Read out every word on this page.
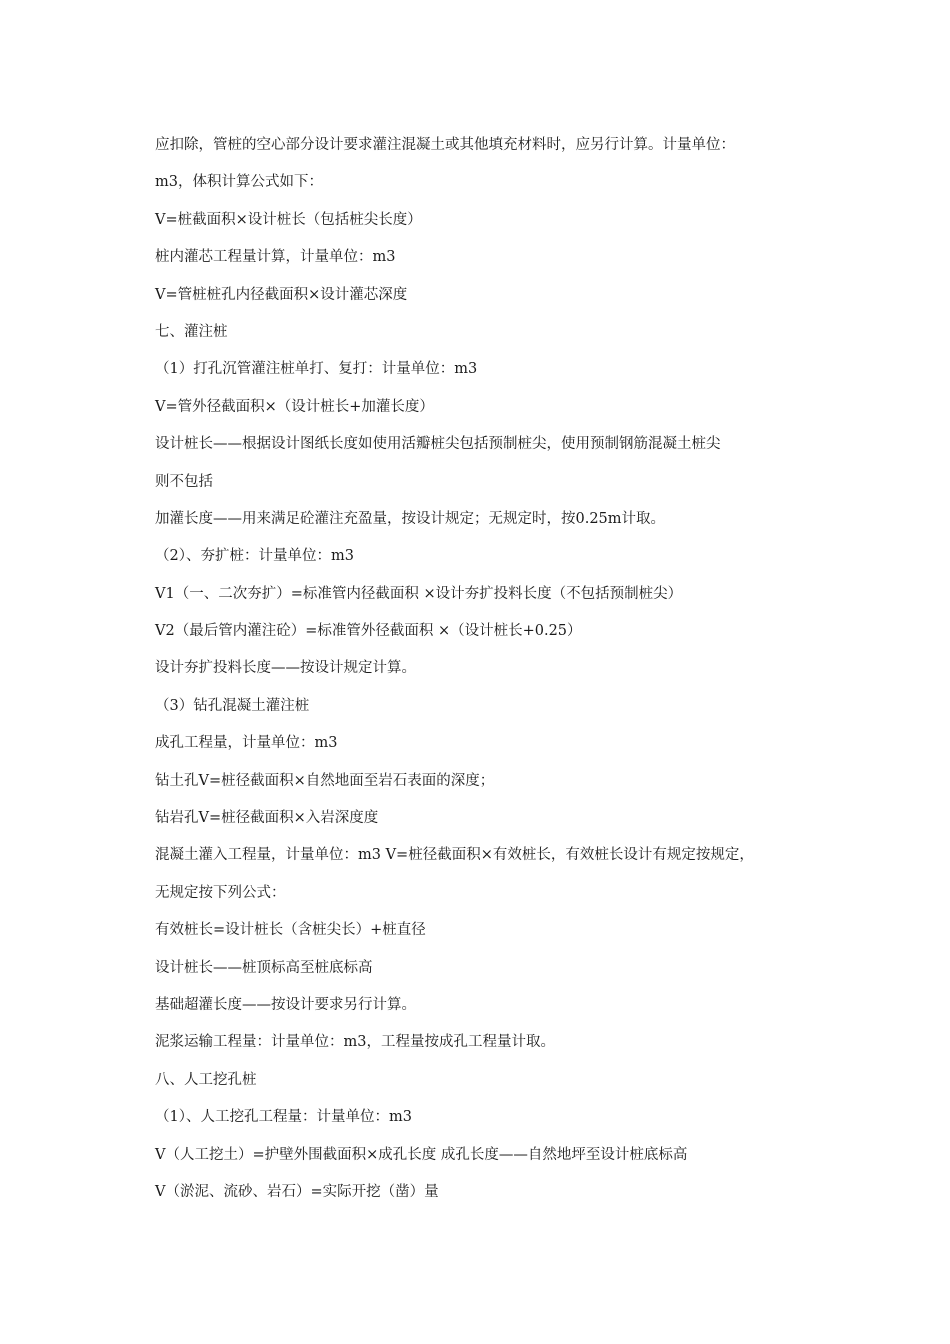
应扣除，管桩的空心部分设计要求灌注混凝土或其他填充材料时，应另行计算。计量单位：
m3，体积计算公式如下：
V=桩截面积×设计桩长（包括桩尖长度）
桩内灌芯工程量计算，计量单位：m3
V=管桩桩孔内径截面积×设计灌芯深度
七、灌注桩
（1）打孔沉管灌注桩单打、复打：计量单位：m3
V=管外径截面积×（设计桩长+加灌长度）
设计桩长——根据设计图纸长度如使用活瓣桩尖包括预制桩尖，使用预制钢筋混凝土桩尖
则不包括
加灌长度——用来满足砼灌注充盈量，按设计规定；无规定时，按0.25m计取。
（2）、夯扩桩：计量单位：m3
V1（一、二次夯扩）=标准管内径截面积 ×设计夯扩投料长度（不包括预制桩尖）
V2（最后管内灌注砼）=标准管外径截面积 ×（设计桩长+0.25）
设计夯扩投料长度——按设计规定计算。
（3）钻孔混凝土灌注桩
成孔工程量，计量单位：m3
钻土孔V=桩径截面积×自然地面至岩石表面的深度；
钻岩孔V=桩径截面积×入岩深度度
混凝土灌入工程量，计量单位：m3 V=桩径截面积×有效桩长，有效桩长设计有规定按规定，
无规定按下列公式：
有效桩长=设计桩长（含桩尖长）+桩直径
设计桩长——桩顶标高至桩底标高
基础超灌长度——按设计要求另行计算。
泥浆运输工程量：计量单位：m3，工程量按成孔工程量计取。
八、人工挖孔桩
（1）、人工挖孔工程量：计量单位：m3
V（人工挖土）=护壁外围截面积×成孔长度 成孔长度——自然地坪至设计桩底标高
V（淤泥、流砂、岩石）=实际开挖（凿）量
